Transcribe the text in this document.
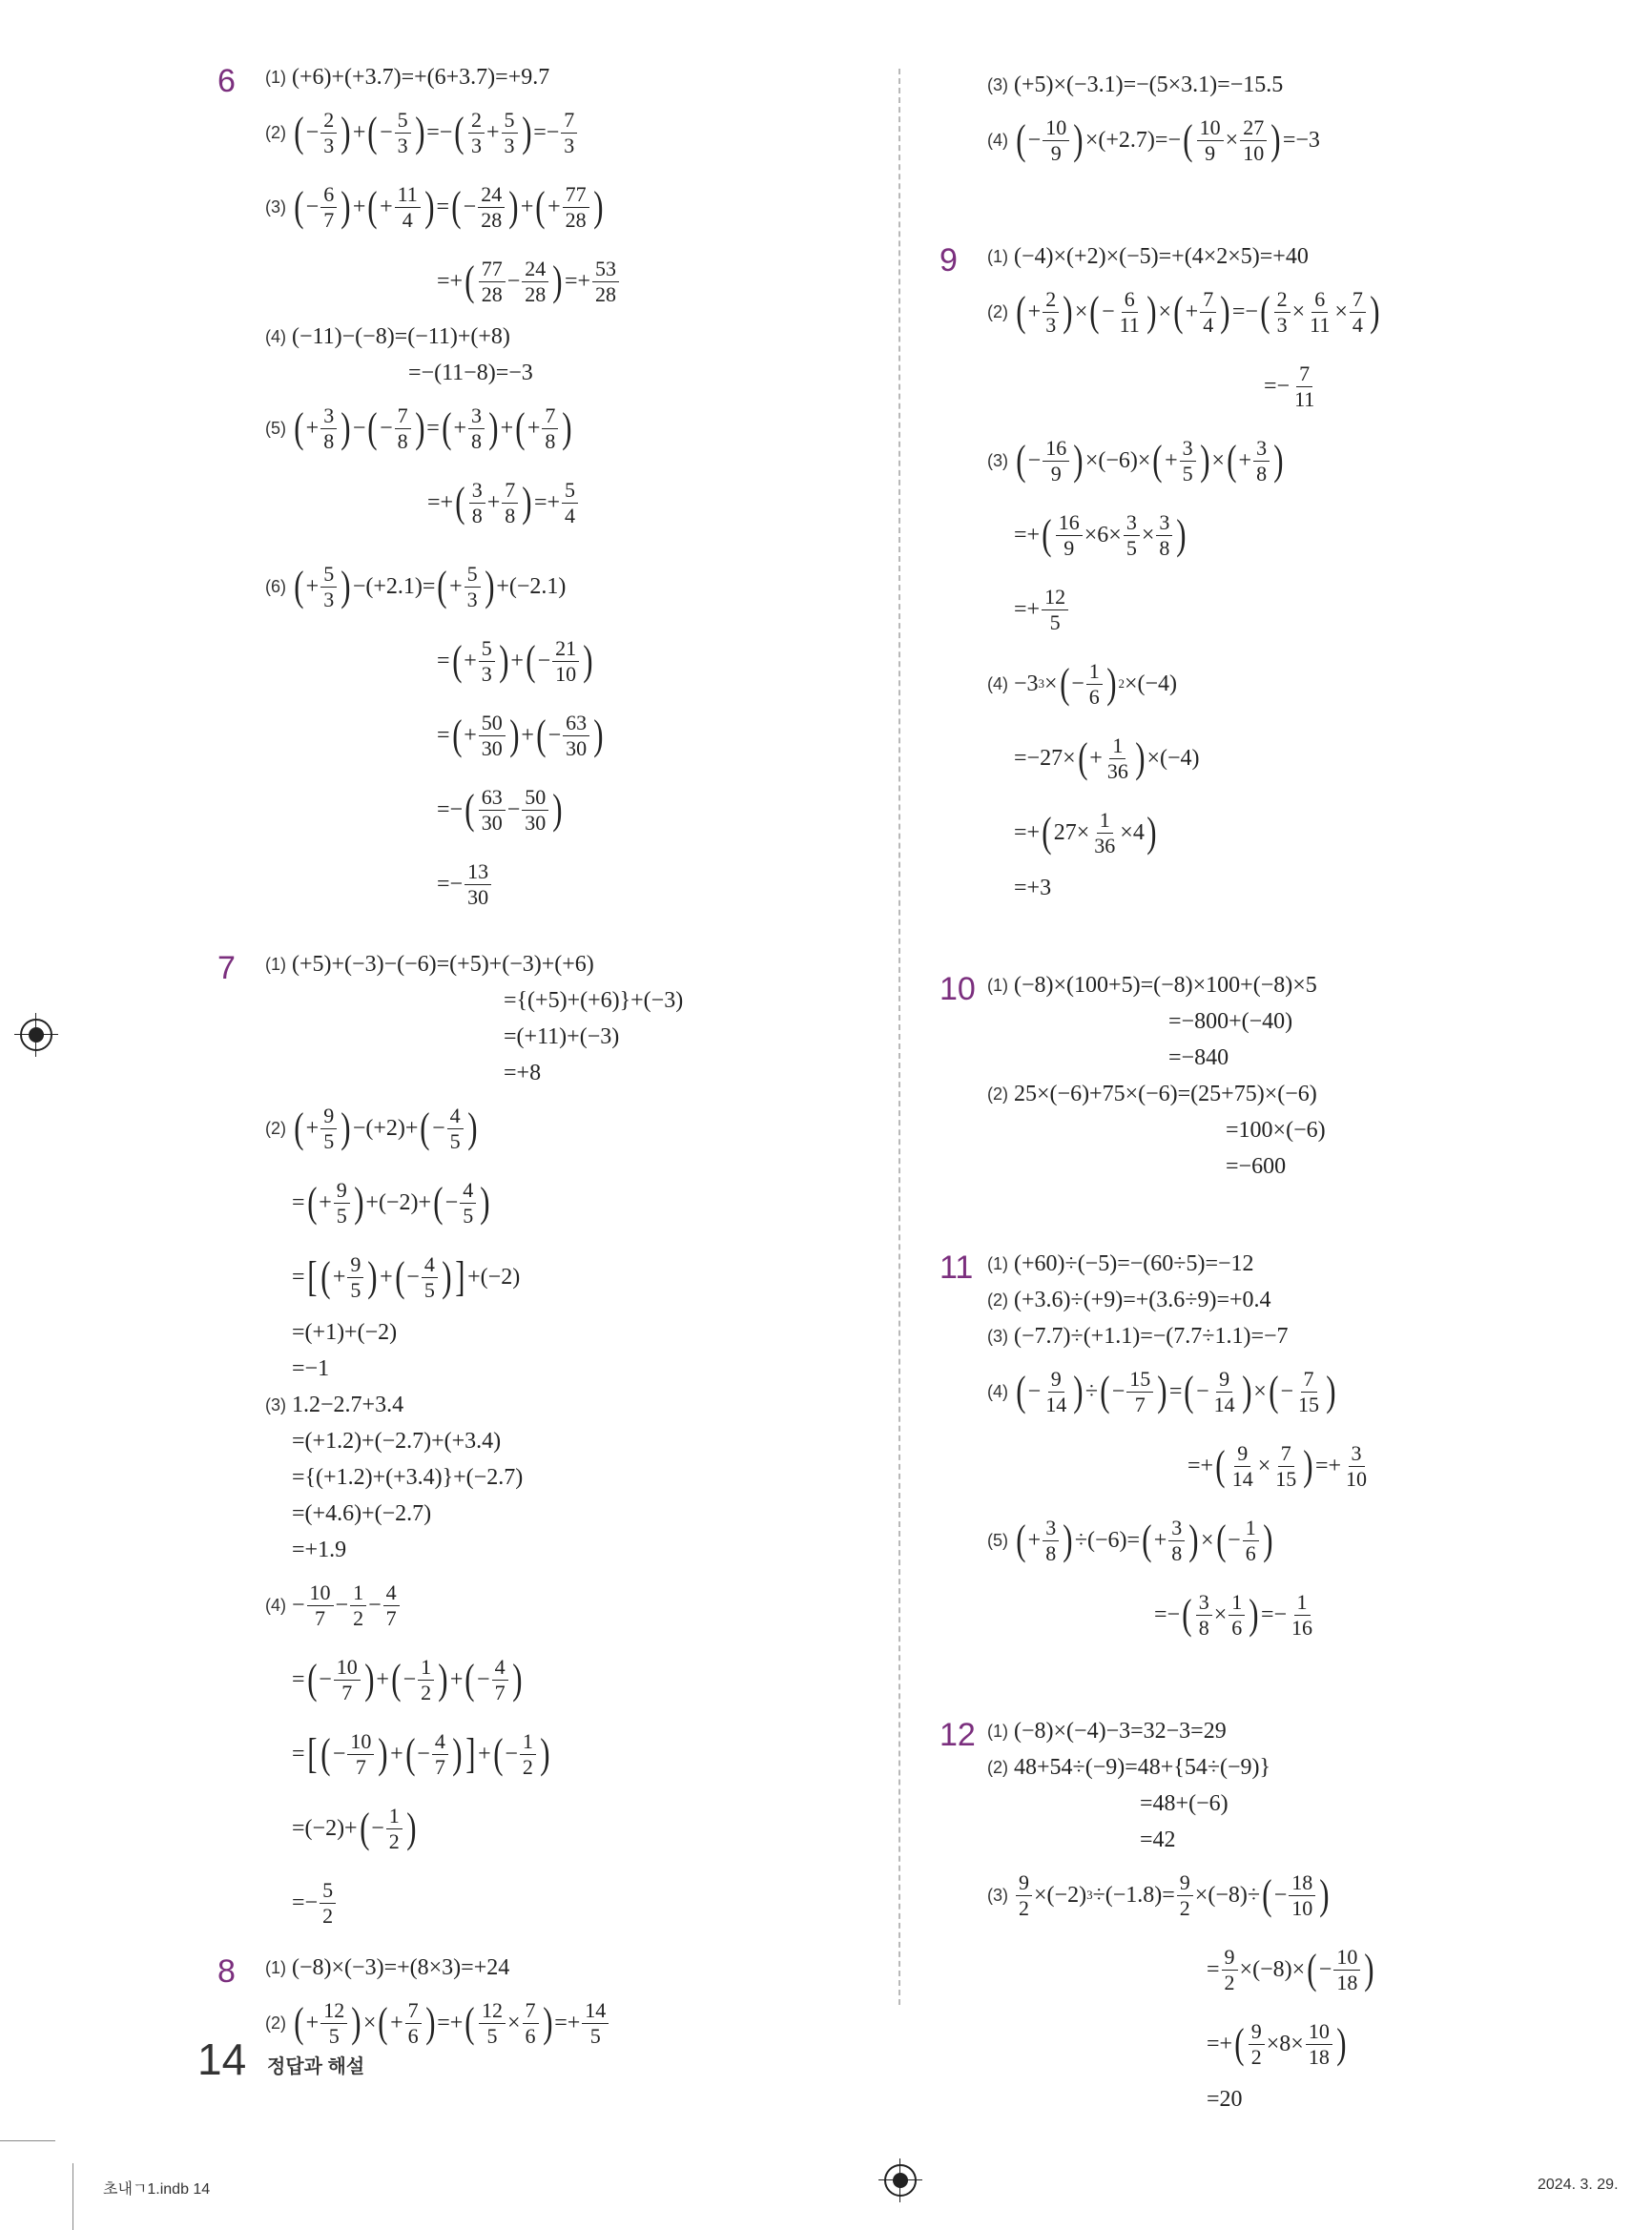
6 (1) (+6)+(+3.7)=+(6+3.7)=+9.7
(2) ( −
2
3 ) + ( −
5
3 ) =− ( 2
3
+
5
3 ) =−
7
3
(3) ( −
6
7 ) + ( +
11
4 ) = ( −
24
28 ) + ( +
77
28 )
=+ ( 77
28
−
24
28 ) =+
53
28
(4) (−11)−(−8)=(−11)+(+8)
=−(11−8)=−3
(5) ( +
3
8 ) − ( −
7
8 ) = ( +
3
8 ) + ( +
7
8 )
=+ ( 3
8
+
7
8 ) =+
5
4
(6) ( +
5
3 ) −(+2.1)= ( +
5
3 ) +(−2.1)
= ( +
5
3 ) + ( −
21
10 )
= ( +
50
30 ) + ( −
63
30 )
=− ( 63
30
−
50
30 )
=−
13
30
7 (1) (+5)+(−3)−(−6)=(+5)+(−3)+(+6)
={(+5)+(+6)}+(−3)
=(+11)+(−3)
=+8
(2) ( +
9
5 ) −(+2)+ ( −
4
5 )
= ( +
9
5 ) +(−2)+ ( −
4
5 )
= [ ( +
9
5 ) + ( −
4
5 ) ] +(−2)
=(+1)+(−2)
=−1
(3) 1.2−2.7+3.4
=(+1.2)+(−2.7)+(+3.4)
={(+1.2)+(+3.4)}+(−2.7)
=(+4.6)+(−2.7)
=+1.9
(4) −
10
7
−
1
2
−
4
7
= ( −
10
7 ) + ( −
1
2 ) + ( −
4
7 )
= [ ( −
10
7 ) + ( −
4
7 ) ] + ( −
1
2 )
=(−2)+ ( −
1
2 )
=−
5
2
8 (1) (−8)×(−3)=+(8×3)=+24
(2) ( +
12
5 ) × ( +
7
6 ) =+ ( 12
5
×
7
6 ) =+
14
5
(3) (+5)×(−3.1)=−(5×3.1)=−15.5
(4) ( −
10
9 ) ×(+2.7)=− ( 10
9
×
27
10 ) =−3
9 (1) (−4)×(+2)×(−5)=+(4×2×5)=+40
(2) ( +
2
3 ) × ( −
6
11 ) × ( +
7
4 ) =− ( 2
3
×
6
11
×
7
4 )
=−
7
11
(3) ( −
16
9 ) ×(−6)× ( +
3
5 ) × ( +
3
8 )
=+ ( 16
9
×6×
3
5
×
3
8 )
=+
12
5
(4) −3 3 × ( −
1
6 ) 2 ×(−4)
=−27× ( +
1
36 ) ×(−4)
=+ ( 27×
1
36
×4 )
=+3
10 (1) (−8)×(100+5)=(−8)×100+(−8)×5
=−800+(−40)
=−840
(2) 25×(−6)+75×(−6)=(25+75)×(−6)
=100×(−6)
=−600
11 (1) (+60)÷(−5)=−(60÷5)=−12
(2) (+3.6)÷(+9)=+(3.6÷9)=+0.4
(3) (−7.7)÷(+1.1)=−(7.7÷1.1)=−7
(4) ( −
9
14 ) ÷ ( −
15
7 ) = ( −
9
14 ) × ( −
7
15 )
=+ ( 9
14
×
7
15 ) =+
3
10
(5) ( +
3
8 ) ÷(−6)= ( +
3
8 ) × ( −
1
6 )
=− ( 3
8
×
1
6 ) =−
1
16
12 (1) (−8)×(−4)−3=32−3=29
(2) 48+54÷(−9)=48+{54÷(−9)}
=48+(−6)
=42
(3)
9
2
×(−2) 3 ÷(−1.8)=
9
2
×(−8)÷ ( −
18
10 )
=
9
2
×(−8)× ( −
10
18 )
=+ ( 9
2
×8×
10
18 )
=20
14 정답과 해설
초내ㄱ1.indb 14	2024. 3. 29.
